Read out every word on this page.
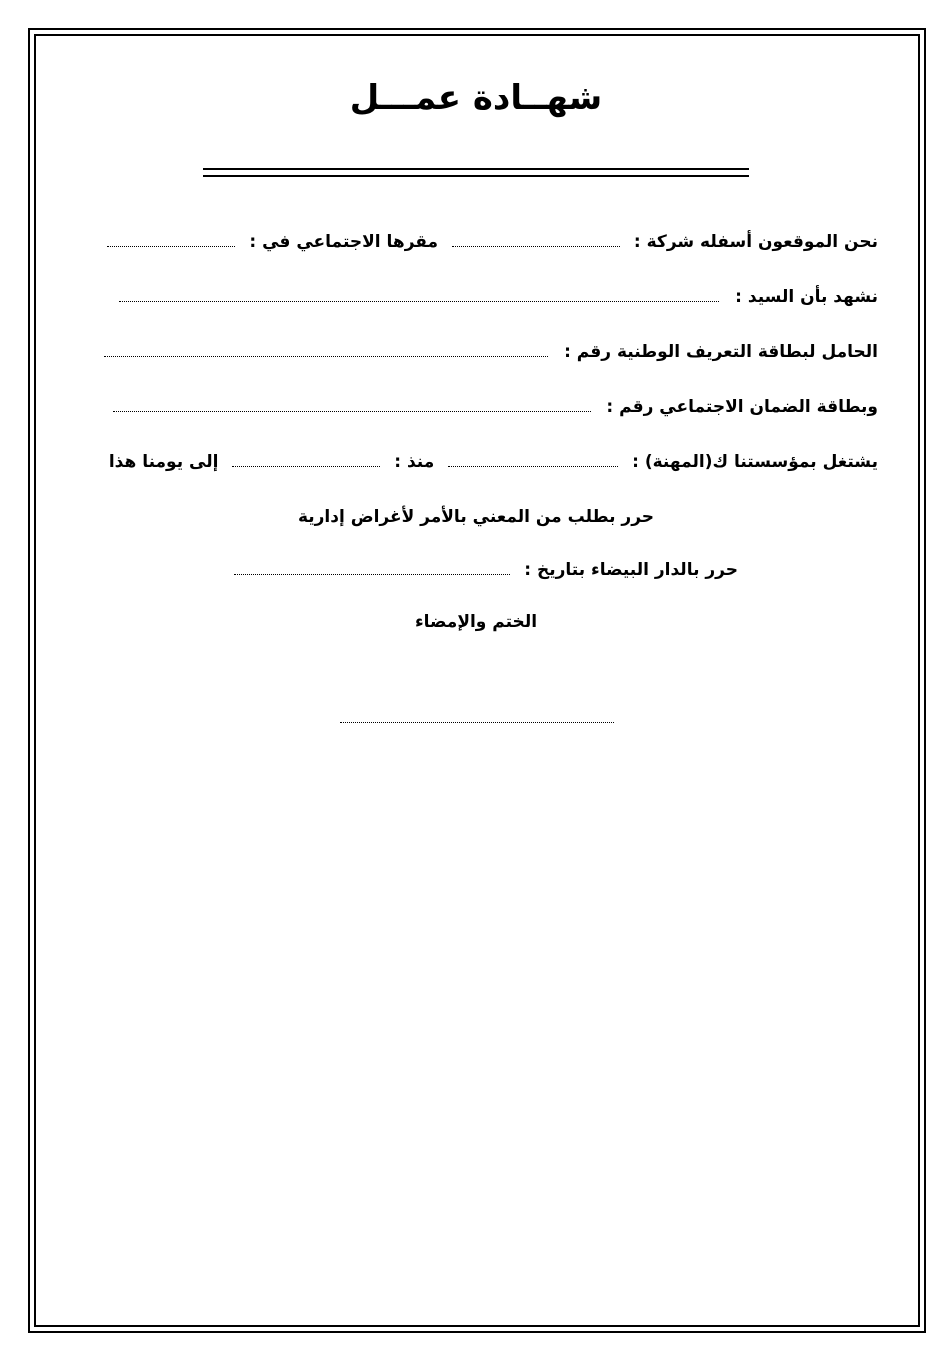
شهــادة عمـــل
نحن الموقعون أسفله شركة :  مقرها الاجتماعي في :
نشهد بأن السيد :
الحامل لبطاقة التعريف الوطنية رقم :
وبطاقة الضمان الاجتماعي رقم :
يشتغل بمؤسستنا ك(المهنة) :  منذ :  إلى يومنا هذا
حرر بطلب من المعني بالأمر لأغراض إدارية
حرر بالدار البيضاء بتاريخ :
الختم والإمضاء
